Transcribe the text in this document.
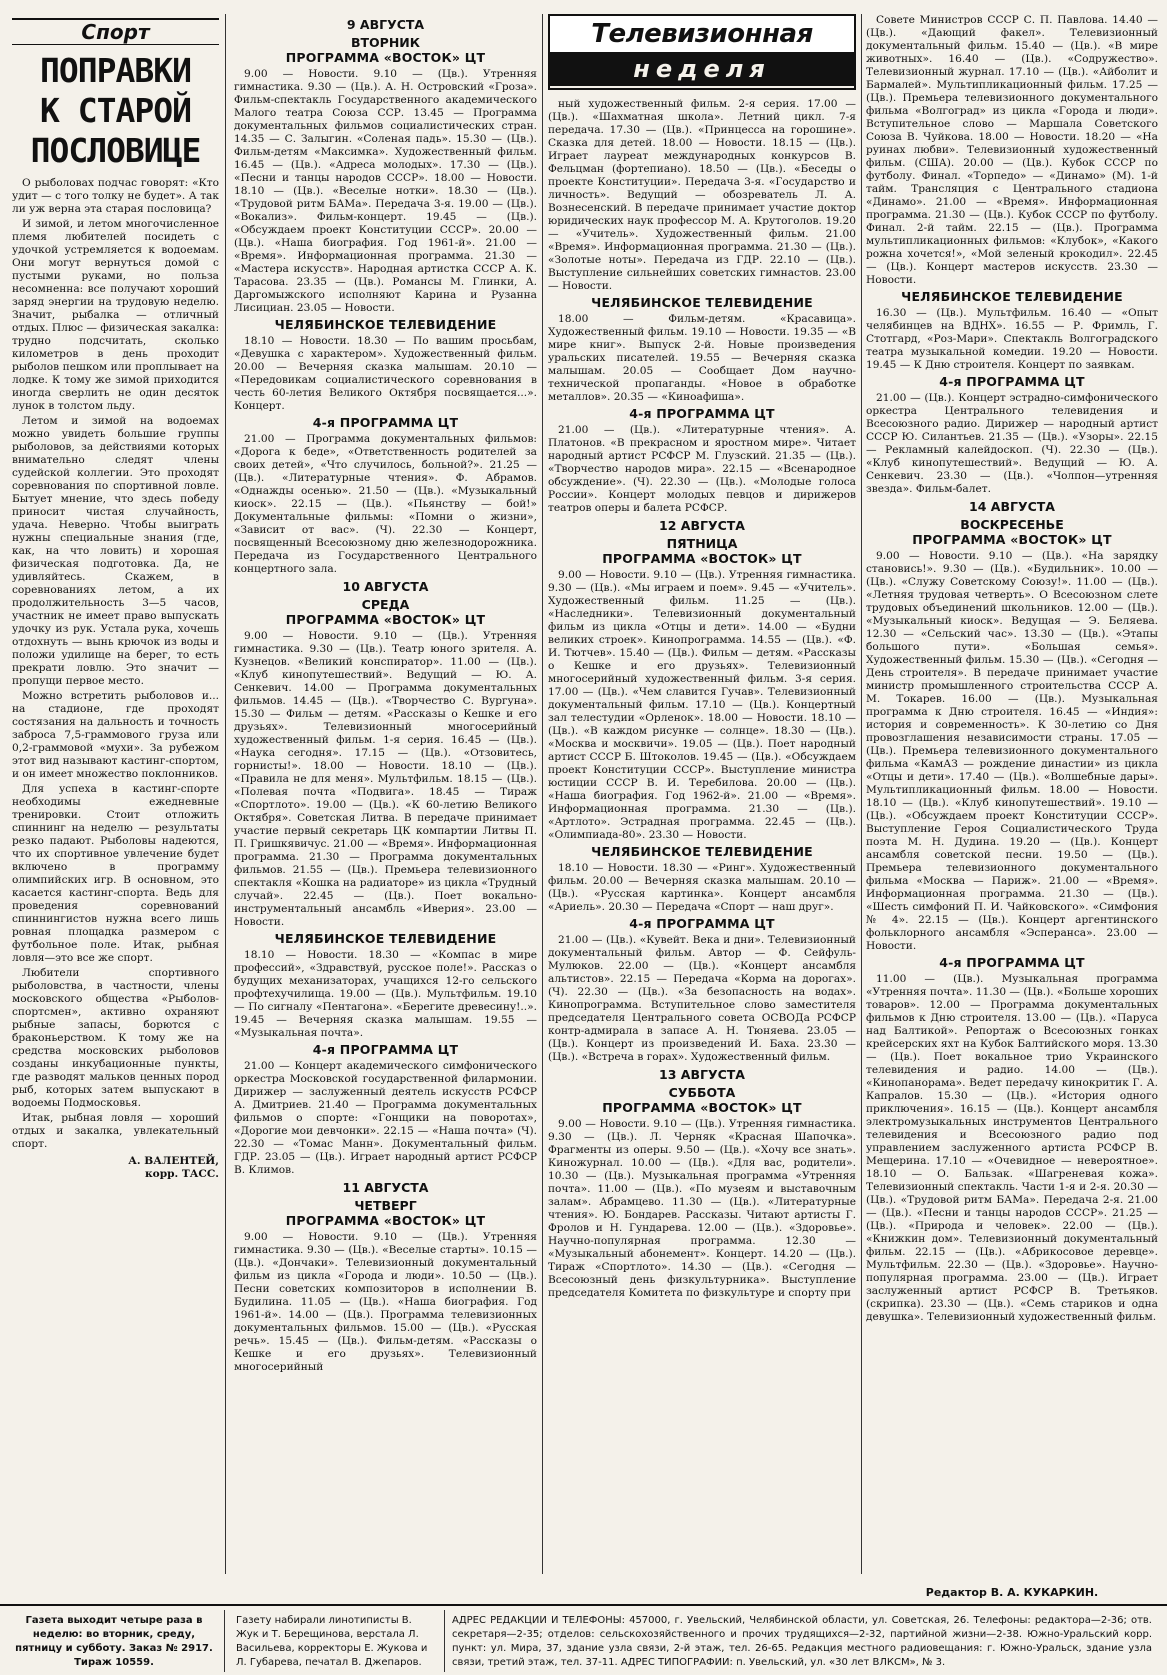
Спорт
ПОПРАВКИ
К СТАРОЙ
ПОСЛОВИЦЕ

О рыболовах подчас говорят: «Кто удит — с того толку не будет». А так ли уж верна эта старая пословица?

И зимой, и летом многочисленное племя любителей посидеть с удочкой устремляется к водоемам. Они могут вернуться домой с пустыми руками, но польза несомненна: все получают хороший заряд энергии на трудовую неделю. Значит, рыбалка — отличный отдых. Плюс — физическая закалка: трудно подсчитать, сколько километров в день проходит рыболов пешком или проплывает на лодке. К тому же зимой приходится иногда сверлить не один десяток лунок в толстом льду.

Летом и зимой на водоемах можно увидеть большие группы рыболовов, за действиями которых внимательно следят члены судейской коллегии. Это проходят соревнования по спортивной ловле. Бытует мнение, что здесь победу приносит чистая случайность, удача. Неверно. Чтобы выиграть нужны специальные знания (где, как, на что ловить) и хорошая физическая подготовка. Да, не удивляйтесь. Скажем, в соревнованиях летом, а их продолжительность 3—5 часов, участник не имеет право выпускать удочку из рук. Устала рука, хочешь отдохнуть — вынь крючок из воды и положи удилище на берег, то есть прекрати ловлю. Это значит — пропущи первое место.

Можно встретить рыболовов и... на стадионе, где проходят состязания на дальность и точность заброса 7,5-граммового груза или 0,2-граммовой «мухи». За рубежом этот вид называют кастинг-спортом, и он имеет множество поклонников.

Для успеха в кастинг-спорте необходимы ежедневные тренировки. Стоит отложить спиннинг на неделю — результаты резко падают. Рыболовы надеются, что их спортивное увлечение будет включено в программу олимпийских игр. В основном, это касается кастинг-спорта. Ведь для проведения соревнований спиннингистов нужна всего лишь ровная площадка размером с футбольное поле. Итак, рыбная ловля—это все же спорт.

Любители спортивного рыболовства, в частности, члены московского общества «Рыболов-спортсмен», активно охраняют рыбные запасы, борются с браконьерством. К тому же на средства московских рыболовов созданы инкубационные пункты, где разводят мальков ценных пород рыб, которых затем выпускают в водоемы Подмосковья.

Итак, рыбная ловля — хороший отдых и закалка, увлекательный спорт.

А. ВАЛЕНТЕЙ,
корр. ТАСС.
9 АВГУСТА
ВТОРНИК
ПРОГРАММА «ВОСТОК» ЦТ

9.00 — Новости. 9.10 — (Цв.). Утренняя гимнастика. 9.30 — (Цв.). А. Н. Островский «Гроза». Фильм-спектакль Государственного академического Малого театра Союза ССР. 13.45 — Программа документальных фильмов социалистических стран. 14.35 — С. Залыгин. «Соленая падь». 15.30 — (Цв.). Фильм-детям «Максимка». Художественный фильм. 16.45 — (Цв.). «Адреса молодых». 17.30 — (Цв.). «Песни и танцы народов СССР». 18.00 — Новости. 18.10 — (Цв.). «Веселые нотки». 18.30 — (Цв.). «Трудовой ритм БАМа». Передача 3-я. 19.00 — (Цв.). «Вокализ». Фильм-концерт. 19.45 — (Цв.). «Обсуждаем проект Конституции СССР». 20.00 — (Цв.). «Наша биография. Год 1961-й». 21.00 — «Время». Информационная программа. 21.30 — «Мастера искусств». Народная артистка СССР А. К. Тарасова. 23.35 — (Цв.). Романсы М. Глинки, А. Даргомыжского исполняют Карина и Рузанна Лисициан. 23.05 — Новости.

ЧЕЛЯБИНСКОЕ ТЕЛЕВИДЕНИЕ

18.10 — Новости. 18.30 — По вашим просьбам, «Девушка с характером». Художественный фильм. 20.00 — Вечерняя сказка малышам. 20.10 — «Передовикам социалистического соревнования в честь 60-летия Великого Октября посвящается...». Концерт.

4-я ПРОГРАММА ЦТ

21.00 — Программа документальных фильмов: «Дорога к беде», «Ответственность родителей за своих детей», «Что случилось, больной?». 21.25 — (Цв.). «Литературные чтения». Ф. Абрамов. «Однажды осенью». 21.50 — (Цв.). «Музыкальный киоск». 22.15 — (Цв.). «Пьянству — бой!» Документальные фильмы: «Помни о жизни», «Зависит от вас». (Ч). 22.30 — Концерт, посвященный Всесоюзному дню железнодорожника. Передача из Государственного Центрального концертного зала.

10 АВГУСТА
СРЕДА
ПРОГРАММА «ВОСТОК» ЦТ

9.00 — Новости. 9.10 — (Цв.). Утренняя гимнастика. 9.30 — (Цв.). Театр юного зрителя. А. Кузнецов. «Великий конспиратор». 11.00 — (Цв.). «Клуб кинопутешествий». Ведущий — Ю. А. Сенкевич. 14.00 — Программа документальных фильмов. 14.45 — (Цв.). «Творчество С. Вургуна». 15.30 — Фильм — детям. «Рассказы о Кешке и его друзьях». Телевизионный многосерийный художественный фильм. 1-я серия. 16.45 — (Цв.). «Наука сегодня». 17.15 — (Цв.). «Отзовитесь, горнисты!». 18.00 — Новости. 18.10 — (Цв.). «Правила не для меня». Мультфильм. 18.15 — (Цв.). «Полевая почта «Подвига». 18.45 — Тираж «Спортлото». 19.00 — (Цв.). «К 60-летию Великого Октября». Советская Литва. В передаче принимает участие первый секретарь ЦК компартии Литвы П. П. Гришкявичус. 21.00 — «Время». Информационная программа. 21.30 — Программа документальных фильмов. 21.55 — (Цв.). Премьера телевизионного спектакля «Кошка на радиаторе» из цикла «Трудный случай». 22.45 — (Цв.). Поет вокально-инструментальный ансамбль «Иверия». 23.00 — Новости.

ЧЕЛЯБИНСКОЕ ТЕЛЕВИДЕНИЕ

18.10 — Новости. 18.30 — «Компас в мире профессий», «Здравствуй, русское поле!». Рассказ о будущих механизаторах, учащихся 12-го сельского профтехучилища. 19.00 — (Цв.). Мультфильм. 19.10 — По сигналу «Пентагона». «Берегите древесину!..». 19.45 — Вечерняя сказка малышам. 19.55 — «Музыкальная почта».

4-я ПРОГРАММА ЦТ

21.00 — Концерт академического симфонического оркестра Московской государственной филармонии. Дирижер — заслуженный деятель искусств РСФСР А. Дмитриев. 21.40 — Программа документальных фильмов о спорте: «Гонщики на поворотах», «Дорогие мои девчонки». 22.15 — «Наша почта» (Ч). 22.30 — «Томас Манн». Документальный фильм. ГДР. 23.05 — (Цв.). Играет народный артист РСФСР В. Климов.

11 АВГУСТА
ЧЕТВЕРГ
ПРОГРАММА «ВОСТОК» ЦТ

9.00 — Новости. 9.10 — (Цв.). Утренняя гимнастика. 9.30 — (Цв.). «Веселые старты». 10.15 — (Цв.). «Дончаки». Телевизионный документальный фильм из цикла «Города и люди». 10.50 — (Цв.). Песни советских композиторов в исполнении В. Будилина. 11.05 — (Цв.). «Наша биография. Год 1961-й». 14.00 — (Цв.). Программа телевизионных документальных фильмов. 15.00 — (Цв.). «Русская речь». 15.45 — (Цв.). Фильм-детям. «Рассказы о Кешке и его друзьях». Телевизионный многосерийный

Телевизионная
неделя

ный художественный фильм. 2-я серия. 17.00 — (Цв.). «Шахматная школа». Летний цикл. 7-я передача. 17.30 — (Цв.). «Принцесса на горошине». Сказка для детей. 18.00 — Новости. 18.15 — (Цв.). Играет лауреат международных конкурсов В. Фельцман (фортепиано). 18.50 — (Цв.). «Беседы о проекте Конституции». Передача 3-я. «Государство и личность». Ведущий — обозреватель Л. А. Вознесенский. В передаче принимает участие доктор юридических наук профессор М. А. Крутоголов. 19.20 — «Учитель». Художественный фильм. 21.00 «Время». Информационная программа. 21.30 — (Цв.). «Золотые ноты». Передача из ГДР. 22.10 — (Цв.). Выступление сильнейших советских гимнастов. 23.00 — Новости.

ЧЕЛЯБИНСКОЕ ТЕЛЕВИДЕНИЕ

18.00 — Фильм-детям. «Красавица». Художественный фильм. 19.10 — Новости. 19.35 — «В мире книг». Выпуск 2-й. Новые произведения уральских писателей. 19.55 — Вечерняя сказка малышам. 20.05 — Сообщает Дом научно-технической пропаганды. «Новое в обработке металлов». 20.35 — «Киноафиша».

4-я ПРОГРАММА ЦТ

21.00 — (Цв.). «Литературные чтения». А. Платонов. «В прекрасном и яростном мире». Читает народный артист РСФСР М. Глузский. 21.35 — (Цв.). «Творчество народов мира». 22.15 — «Всенародное обсуждение». (Ч). 22.30 — (Цв.). «Молодые голоса России». Концерт молодых певцов и дирижеров театров оперы и балета РСФСР.

12 АВГУСТА
ПЯТНИЦА
ПРОГРАММА «ВОСТОК» ЦТ

9.00 — Новости. 9.10 — (Цв.). Утренняя гимнастика. 9.30 — (Цв.). «Мы играем и поем». 9.45 — «Учитель». Художественный фильм. 11.25 — (Цв.). «Наследники». Телевизионный документальный фильм из цикла «Отцы и дети». 14.00 — «Будни великих строек». Кинопрограмма. 14.55 — (Цв.). «Ф. И. Тютчев». 15.40 — (Цв.). Фильм — детям. «Рассказы о Кешке и его друзьях». Телевизионный многосерийный художественный фильм. 3-я серия. 17.00 — (Цв.). «Чем славится Гучав». Телевизионный документальный фильм. 17.10 — (Цв.). Концертный зал телестудии «Орленок». 18.00 — Новости. 18.10 — (Цв.). «В каждом рисунке — солнце». 18.30 — (Цв.). «Москва и москвичи». 19.05 — (Цв.). Поет народный артист СССР Б. Штоколов. 19.45 — (Цв.). «Обсуждаем проект Конституции СССР». Выступление министра юстиции СССР В. И. Теребилова. 20.00 — (Цв.). «Наша биография. Год 1962-й». 21.00 — «Время». Информационная программа. 21.30 — (Цв.). «Артлото». Эстрадная программа. 22.45 — (Цв.). «Олимпиада-80». 23.30 — Новости.

ЧЕЛЯБИНСКОЕ ТЕЛЕВИДЕНИЕ

18.10 — Новости. 18.30 — «Ринг». Художественный фильм. 20.00 — Вечерняя сказка малышам. 20.10 — (Цв.). «Русская картинка». Концерт ансамбля «Ариель». 20.30 — Передача «Спорт — наш друг».

4-я ПРОГРАММА ЦТ

21.00 — (Цв.). «Кувейт. Века и дни». Телевизионный документальный фильм. Автор — Ф. Сейфуль-Мулюков. 22.00 — (Цв.). «Концерт ансамбля альтистов». 22.15 — Передача «Корма на дорогах». (Ч). 22.30 — (Цв.). «За безопасность на водах». Кинопрограмма. Вступительное слово заместителя председателя Центрального совета ОСВОДа РСФСР контр-адмирала в запасе А. Н. Тюняева. 23.05 — (Цв.). Концерт из произведений И. Баха. 23.30 — (Цв.). «Встреча в горах». Художественный фильм.

13 АВГУСТА
СУББОТА
ПРОГРАММА «ВОСТОК» ЦТ

9.00 — Новости. 9.10 — (Цв.). Утренняя гимнастика. 9.30 — (Цв.). Л. Черняк «Красная Шапочка». Фрагменты из оперы. 9.50 — (Цв.). «Хочу все знать». Киножурнал. 10.00 — (Цв.). «Для вас, родители». 10.30 — (Цв.). Музыкальная программа «Утренняя почта». 11.00 — (Цв.). «По музеям и выставочным залам». Абрамцево. 11.30 — (Цв.). «Литературные чтения». Ю. Бондарев. Рассказы. Читают артисты Г. Фролов и Н. Гундарева. 12.00 — (Цв.). «Здоровье». Научно-популярная программа. 12.30 — «Музыкальный абонемент». Концерт. 14.20 — (Цв.). Тираж «Спортлото». 14.30 — (Цв.). «Сегодня — Всесоюзный день физкультурника». Выступление председателя Комитета по физкультуре и спорту при

Совете Министров СССР С. П. Павлова. 14.40 — (Цв.). «Дающий факел». Телевизионный документальный фильм. 15.40 — (Цв.). «В мире животных». 16.40 — (Цв.). «Содружество». Телевизионный журнал. 17.10 — (Цв.). «Айболит и Бармалей». Мультипликационный фильм. 17.25 — (Цв.). Премьера телевизионного документального фильма «Волгоград» из цикла «Города и люди». Вступительное слово — Маршала Советского Союза В. Чуйкова. 18.00 — Новости. 18.20 — «На руинах любви». Телевизионный художественный фильм. (США). 20.00 — (Цв.). Кубок СССР по футболу. Финал. «Торпедо» — «Динамо» (М). 1-й тайм. Трансляция с Центрального стадиона «Динамо». 21.00 — «Время». Информационная программа. 21.30 — (Цв.). Кубок СССР по футболу. Финал. 2-й тайм. 22.15 — (Цв.). Программа мультипликационных фильмов: «Клубок», «Какого рожна хочется!», «Мой зеленый крокодил». 22.45 — (Цв.). Концерт мастеров искусств. 23.30 — Новости.

ЧЕЛЯБИНСКОЕ ТЕЛЕВИДЕНИЕ

16.30 — (Цв.). Мультфильм. 16.40 — «Опыт челябинцев на ВДНХ». 16.55 — Р. Фримль, Г. Стотгард, «Роз-Мари». Спектакль Волгоградского театра музыкальной комедии. 19.20 — Новости. 19.45 — К Дню строителя. Концерт по заявкам.

4-я ПРОГРАММА ЦТ

21.00 — (Цв.). Концерт эстрадно-симфонического оркестра Центрального телевидения и Всесоюзного радио. Дирижер — народный артист СССР Ю. Силантьев. 21.35 — (Цв.). «Узоры». 22.15 — Рекламный калейдоскоп. (Ч). 22.30 — (Цв.). «Клуб кинопутешествий». Ведущий — Ю. А. Сенкевич. 23.30 — (Цв.). «Чолпон—утренняя звезда». Фильм-балет.

14 АВГУСТА
ВОСКРЕСЕНЬЕ
ПРОГРАММА «ВОСТОК» ЦТ

9.00 — Новости. 9.10 — (Цв.). «На зарядку становись!». 9.30 — (Цв.). «Будильник». 10.00 — (Цв.). «Служу Советскому Союзу!». 11.00 — (Цв.). «Летняя трудовая четверть». О Всесоюзном слете трудовых объединений школьников. 12.00 — (Цв.). «Музыкальный киоск». Ведущая — Э. Беляева. 12.30 — «Сельский час». 13.30 — (Цв.). «Этапы большого пути». «Большая семья». Художественный фильм. 15.30 — (Цв.). «Сегодня — День строителя». В передаче принимает участие министр промышленного строительства СССР А. М. Токарев. 16.00 — (Цв.). Музыкальная программа к Дню строителя. 16.45 — «Индия»: история и современность». К 30-летию со Дня провозглашения независимости страны. 17.05 — (Цв.). Премьера телевизионного документального фильма «КамАЗ — рождение династии» из цикла «Отцы и дети». 17.40 — (Цв.). «Волшебные дары». Мультипликационный фильм. 18.00 — Новости. 18.10 — (Цв.). «Клуб кинопутешествий». 19.10 — (Цв.). «Обсуждаем проект Конституции СССР». Выступление Героя Социалистического Труда поэта М. Н. Дудина. 19.20 — (Цв.). Концерт ансамбля советской песни. 19.50 — (Цв.). Премьера телевизионного документального фильма «Москва — Париж». 21.00 — «Время». Информационная программа. 21.30 — (Цв.). «Шесть симфоний П. И. Чайковского». «Симфония № 4». 22.15 — (Цв.). Концерт аргентинского фольклорного ансамбля «Эсперанса». 23.00 — Новости.

4-я ПРОГРАММА ЦТ

11.00 — (Цв.). Музыкальная программа «Утренняя почта». 11.30 — (Цв.). «Больше хороших товаров». 12.00 — Программа документальных фильмов к Дню строителя. 13.00 — (Цв.). «Паруса над Балтикой». Репортаж о Всесоюзных гонках крейсерских яхт на Кубок Балтийского моря. 13.30 — (Цв.). Поет вокальное трио Украинского телевидения и радио. 14.00 — (Цв.). «Кинопанорама». Ведет передачу кинокритик Г. А. Капралов. 15.30 — (Цв.). «История одного приключения». 16.15 — (Цв.). Концерт ансамбля электромузыкальных инструментов Центрального телевидения и Всесоюзного радио под управлением заслуженного артиста РСФСР В. Мещерина. 17.10 — «Очевидное — невероятное». 18.10 — О. Бальзак. «Шагреневая кожа». Телевизионный спектакль. Части 1-я и 2-я. 20.30 — (Цв.). «Трудовой ритм БАМа». Передача 2-я. 21.00 — (Цв.). «Песни и танцы народов СССР». 21.25 — (Цв.). «Природа и человек». 22.00 — (Цв.). «Книжкин дом». Телевизионный документальный фильм. 22.15 — (Цв.). «Абрикосовое деревце». Мультфильм. 22.30 — (Цв.). «Здоровье». Научно-популярная программа. 23.00 — (Цв.). Играет заслуженный артист РСФСР В. Третьяков. (скрипка). 23.30 — (Цв.). «Семь стариков и одна девушка». Телевизионный художественный фильм.

Редактор В. А. КУКАРКИН.
Газета выходит четыре раза в неделю: во вторник, среду, пятницу и субботу. Заказ № 2917. Тираж 10559.
Газету набирали линотиписты В. Жук и Т. Берещинова, верстала Л. Васильева, корректоры Е. Жукова и Л. Губарева, печатал В. Джепаров.
АДРЕС РЕДАКЦИИ И ТЕЛЕФОНЫ: 457000, г. Увельский, Челябинской области, ул. Советская, 26. Телефоны: редактора—2-36; отв. секретаря—2-35; отделов: сельскохозяйственного и прочих трудящихся—2-32, партийной жизни—2-38. Южно-Уральский корр. пункт: ул. Мира, 37, здание узла связи, 2-й этаж, тел. 26-65. Редакция местного радиовещания: г. Южно-Уральск, здание узла связи, третий этаж, тел. 37-11. АДРЕС ТИПОГРАФИИ: п. Увельский, ул. «30 лет ВЛКСМ», № 3.
